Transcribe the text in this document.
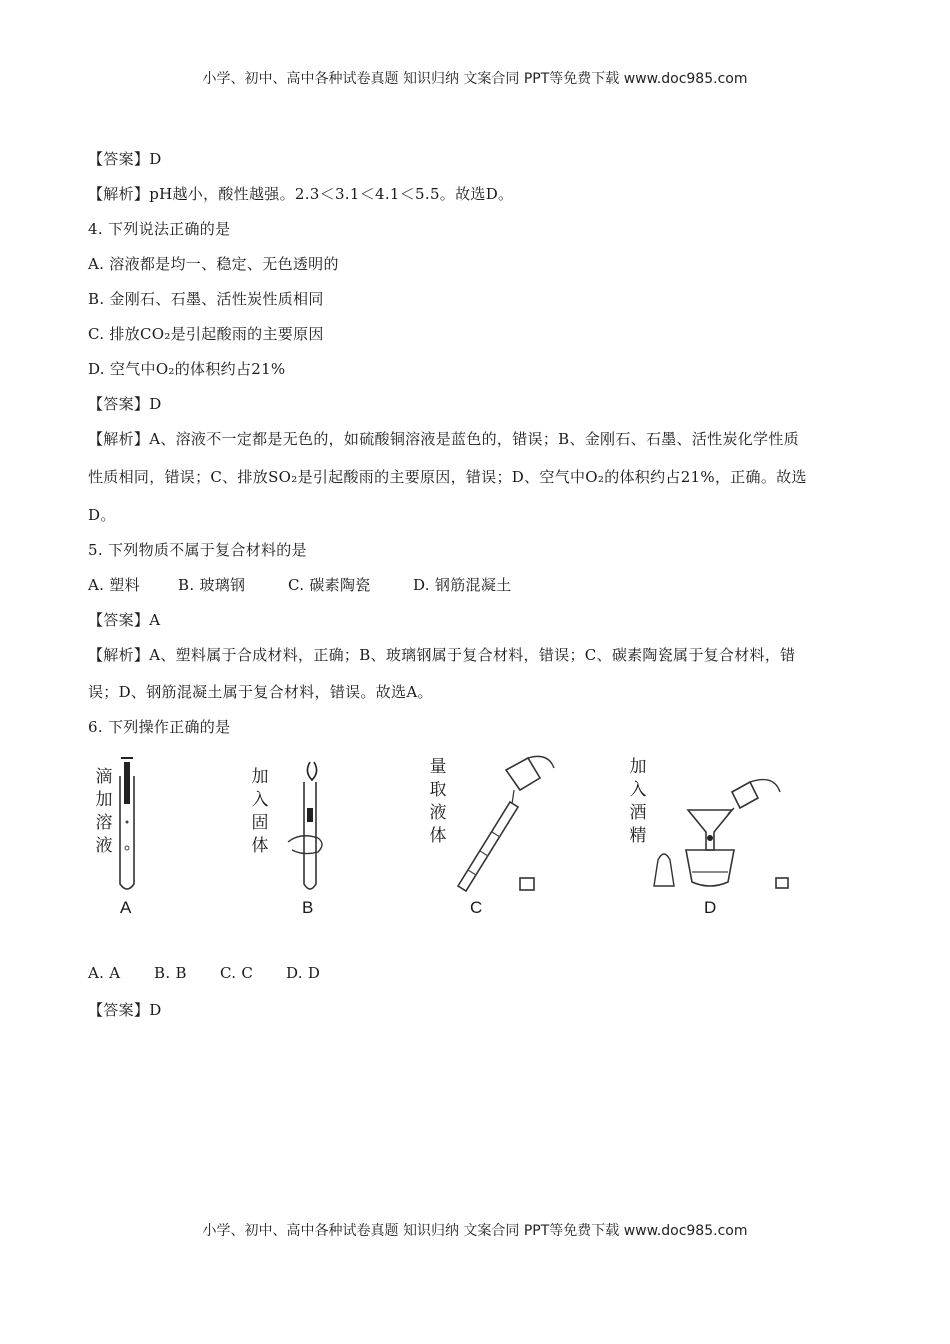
小学、初中、高中各种试卷真题 知识归纳 文案合同 PPT等免费下载 www.doc985.com
【答案】D
【解析】pH越小，酸性越强。2.3＜3.1＜4.1＜5.5。故选D。
4. 下列说法正确的是
A. 溶液都是均一、稳定、无色透明的
B. 金刚石、石墨、活性炭性质相同
C. 排放CO₂是引起酸雨的主要原因
D. 空气中O₂的体积约占21%
【答案】D
【解析】A、溶液不一定都是无色的，如硫酸铜溶液是蓝色的，错误；B、金刚石、石墨、活性炭化学性质
性质相同，错误；C、排放SO₂是引起酸雨的主要原因，错误；D、空气中O₂的体积约占21%，正确。故选
D。
5. 下列物质不属于复合材料的是
A. 塑料	B. 玻璃钢	C. 碳素陶瓷	D. 钢筋混凝土
【答案】A
【解析】A、塑料属于合成材料，正确；B、玻璃钢属于复合材料，错误；C、碳素陶瓷属于复合材料，错
误；D、钢筋混凝土属于复合材料，错误。故选A。
6. 下列操作正确的是
滴加溶液
A
加入固体
B
量取液体
C
加入酒精
D
A. A B. B C. C D. D
【答案】D
小学、初中、高中各种试卷真题 知识归纳 文案合同 PPT等免费下载 www.doc985.com
